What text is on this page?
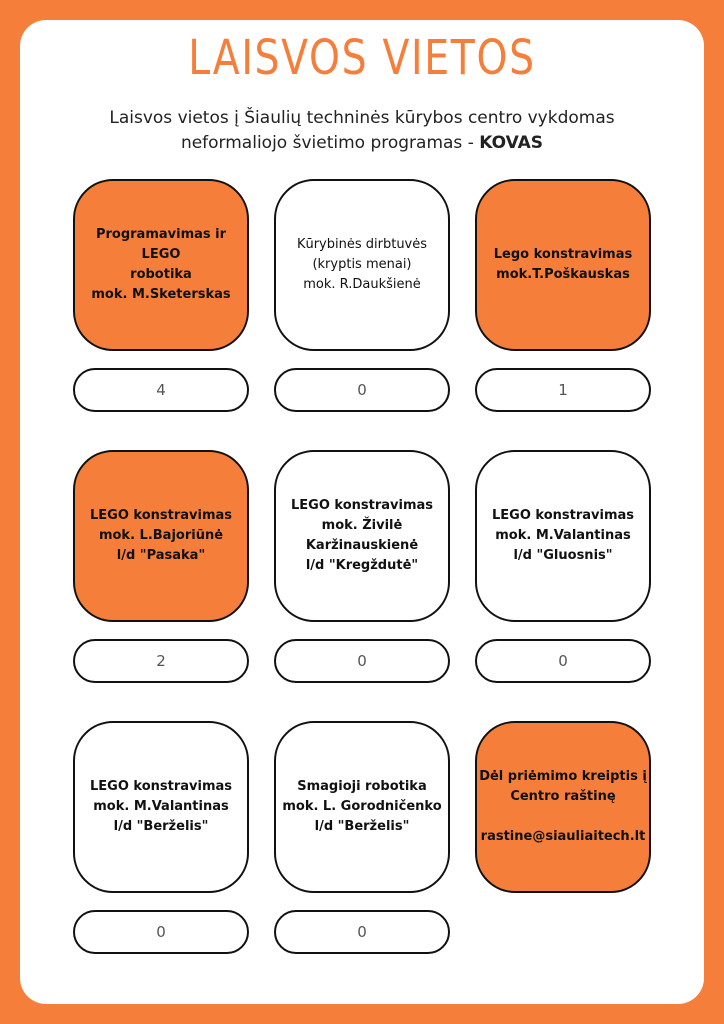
LAISVOS VIETOS
Laisvos vietos į Šiaulių techninės kūrybos centro vykdomas
neformaliojo švietimo programas - KOVAS
Programavimas ir LEGO
robotika
mok. M.Sketerskas
Kūrybinės dirbtuvės
(kryptis menai)
mok. R.Daukšienė
Lego konstravimas
mok.T.Poškauskas
4	0	1
LEGO konstravimas
mok. L.Bajoriūnė
l/d "Pasaka"
LEGO konstravimas
mok. Živilė
Karžinauskienė
l/d "Kregždutė"
LEGO konstravimas
mok. M.Valantinas
l/d "Gluosnis"
2	0	0
LEGO konstravimas
mok. M.Valantinas
l/d "Berželis"
Smagioji robotika
mok. L. Gorodničenko
l/d "Berželis"
Dėl priėmimo kreiptis į
Centro raštinę

rastine@siauliaitech.lt
0	0
